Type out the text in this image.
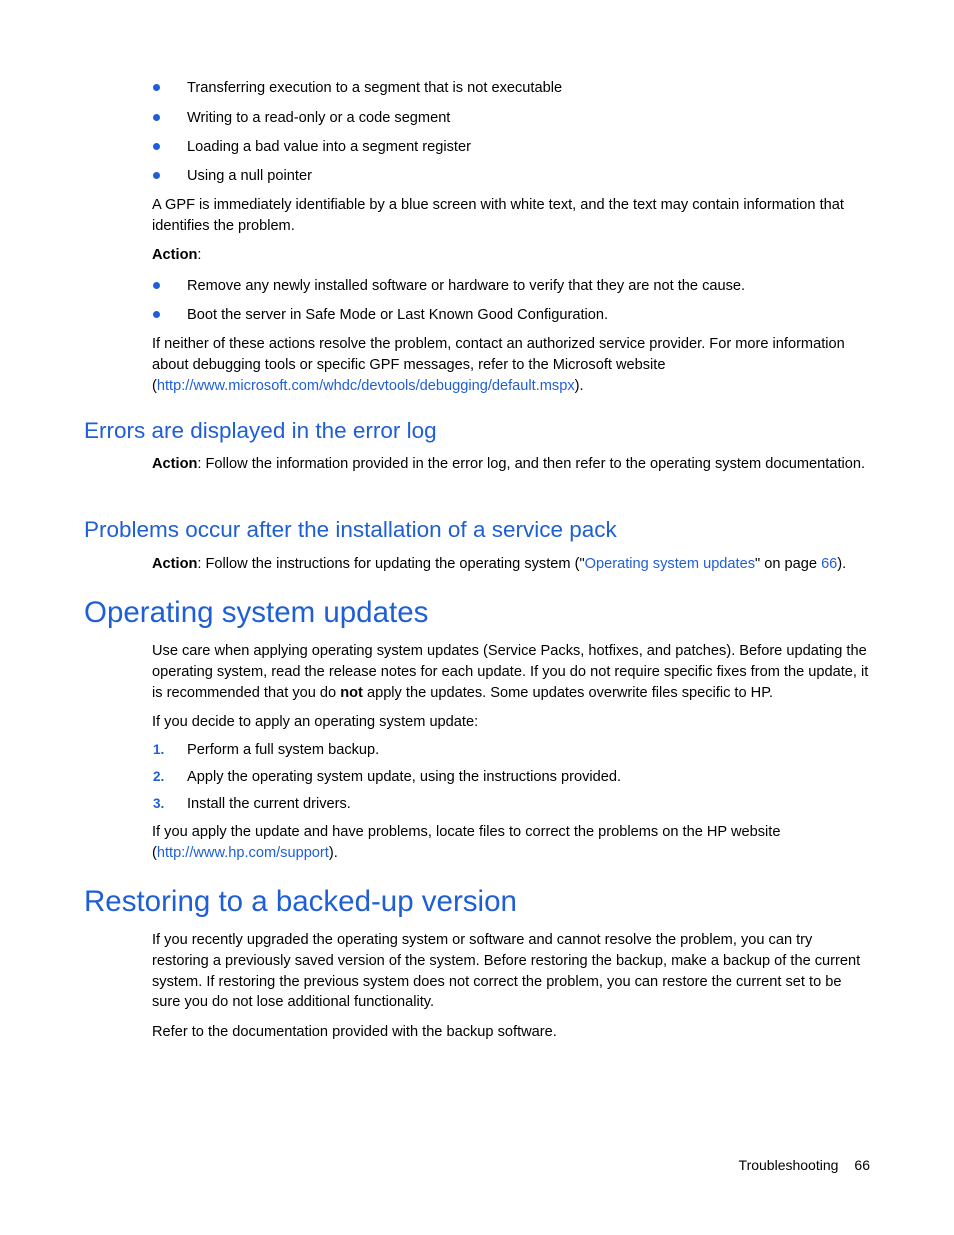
Transferring execution to a segment that is not executable
Writing to a read-only or a code segment
Loading a bad value into a segment register
Using a null pointer

A GPF is immediately identifiable by a blue screen with white text, and the text may contain information that identifies the problem.

Action:

Remove any newly installed software or hardware to verify that they are not the cause.
Boot the server in Safe Mode or Last Known Good Configuration.

If neither of these actions resolve the problem, contact an authorized service provider. For more information about debugging tools or specific GPF messages, refer to the Microsoft website
(http://www.microsoft.com/whdc/devtools/debugging/default.mspx).

Errors are displayed in the error log

Action: Follow the information provided in the error log, and then refer to the operating system documentation.

Problems occur after the installation of a service pack

Action: Follow the instructions for updating the operating system ("Operating system updates" on page 66).

Operating system updates

Use care when applying operating system updates (Service Packs, hotfixes, and patches). Before updating the operating system, read the release notes for each update. If you do not require specific fixes from the update, it is recommended that you do not apply the updates. Some updates overwrite files specific to HP.

If you decide to apply an operating system update:

1. Perform a full system backup.
2. Apply the operating system update, using the instructions provided.
3. Install the current drivers.

If you apply the update and have problems, locate files to correct the problems on the HP website
(http://www.hp.com/support).

Restoring to a backed-up version

If you recently upgraded the operating system or software and cannot resolve the problem, you can try restoring a previously saved version of the system. Before restoring the backup, make a backup of the current system. If restoring the previous system does not correct the problem, you can restore the current set to be sure you do not lose additional functionality.

Refer to the documentation provided with the backup software.

Troubleshooting 66
